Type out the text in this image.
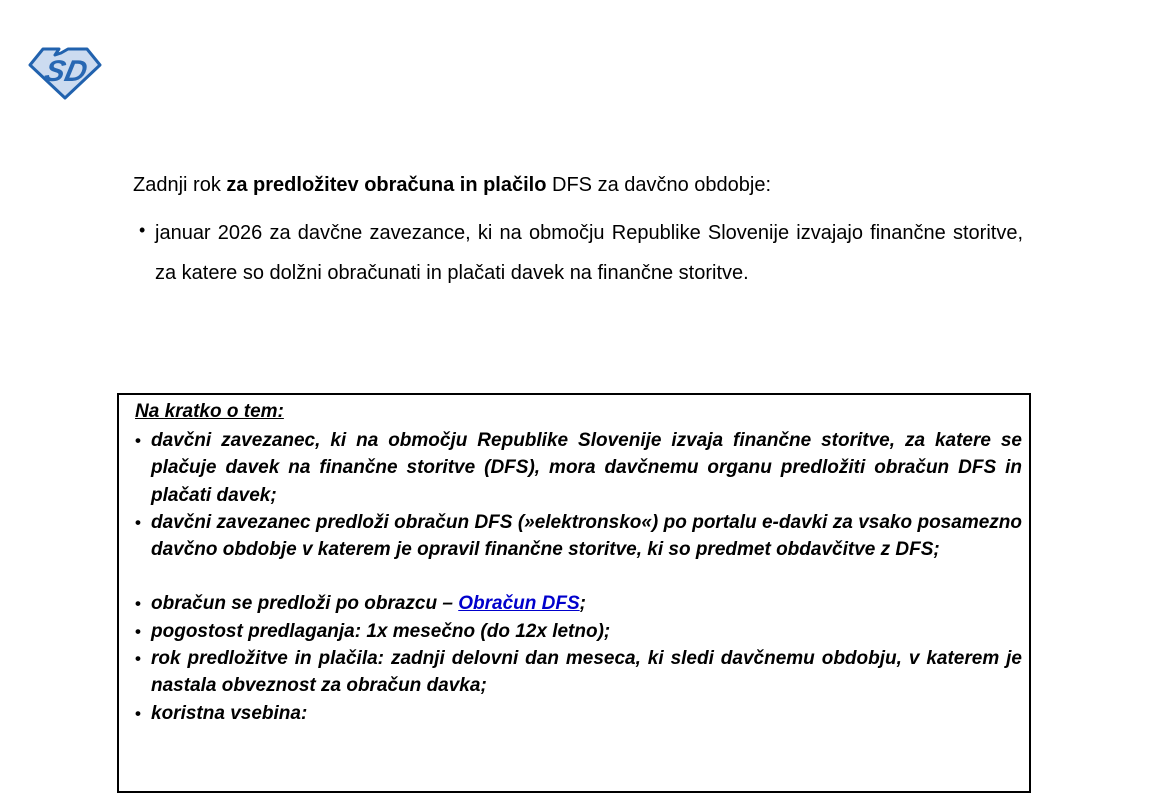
SD

Zadnji rok za predložitev obračuna in plačilo DFS za davčno obdobje:

• januar 2026 za davčne zavezance, ki na območju Republike Slovenije izvajajo finančne storitve, za katere so dolžni obračunati in plačati davek na finančne storitve.
Na kratko o tem:
• davčni zavezanec, ki na območju Republike Slovenije izvaja finančne storitve, za katere se plačuje davek na finančne storitve (DFS), mora davčnemu organu predložiti obračun DFS in plačati davek;
• davčni zavezanec predloži obračun DFS (»elektronsko«) po portalu e-davki za vsako posamezno davčno obdobje v katerem je opravil finančne storitve, ki so predmet obdavčitve z DFS;
• obračun se predloži po obrazcu – Obračun DFS;
• pogostost predlaganja: 1x mesečno (do 12x letno);
• rok predložitve in plačila: zadnji delovni dan meseca, ki sledi davčnemu obdobju, v katerem je nastala obveznost za obračun davka;
• koristna vsebina:
